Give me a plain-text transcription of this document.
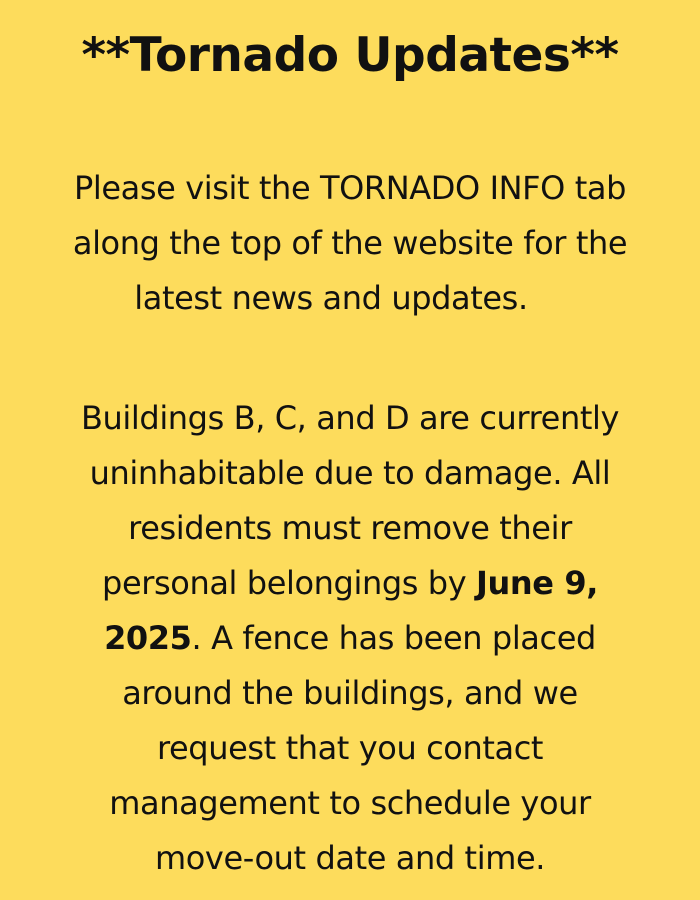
**Tornado Updates**

Please visit the TORNADO INFO tab
along the top of the website for the
latest news and updates.

Buildings B, C, and D are currently
uninhabitable due to damage. All
residents must remove their
personal belongings by June 9,
2025. A fence has been placed
around the buildings, and we
request that you contact
management to schedule your
move-out date and time.
